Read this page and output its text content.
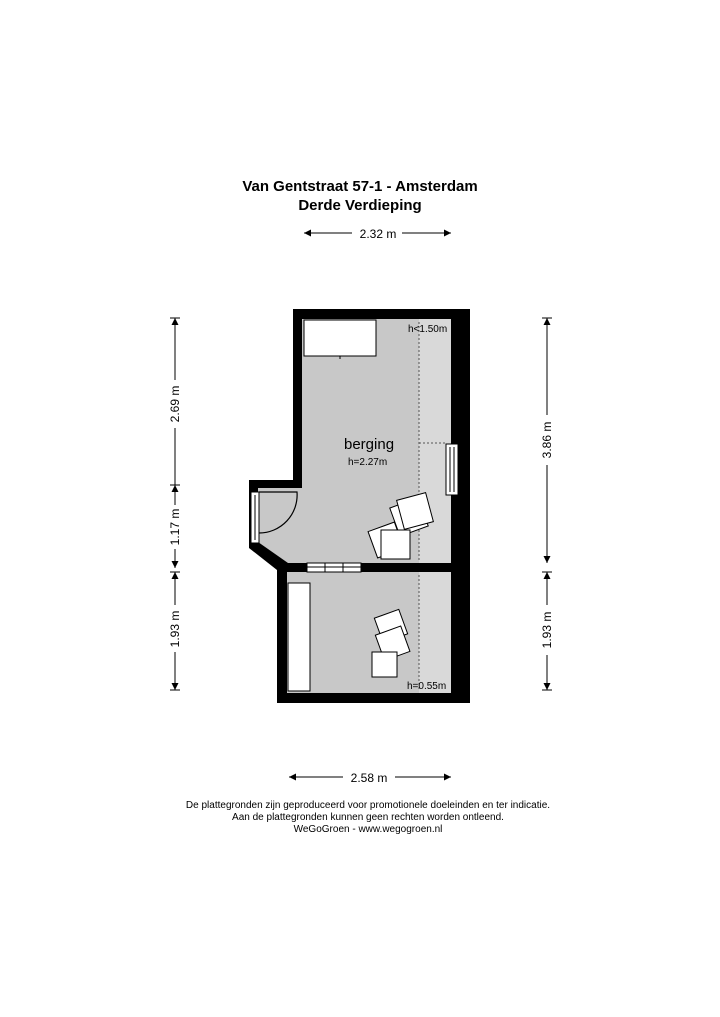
Van Gentstraat 57-1 - Amsterdam
Derde Verdieping
2.32 m
2.69 m
1.17 m
1.93 m
3.86 m
1.93 m
2.58 m
berging
h=2.27m
h<1.50m
h=0.55m
De plattegronden zijn geproduceerd voor promotionele doeleinden en ter indicatie.
Aan de plattegronden kunnen geen rechten worden ontleend.
WeGoGroen - www.wegogroen.nl
